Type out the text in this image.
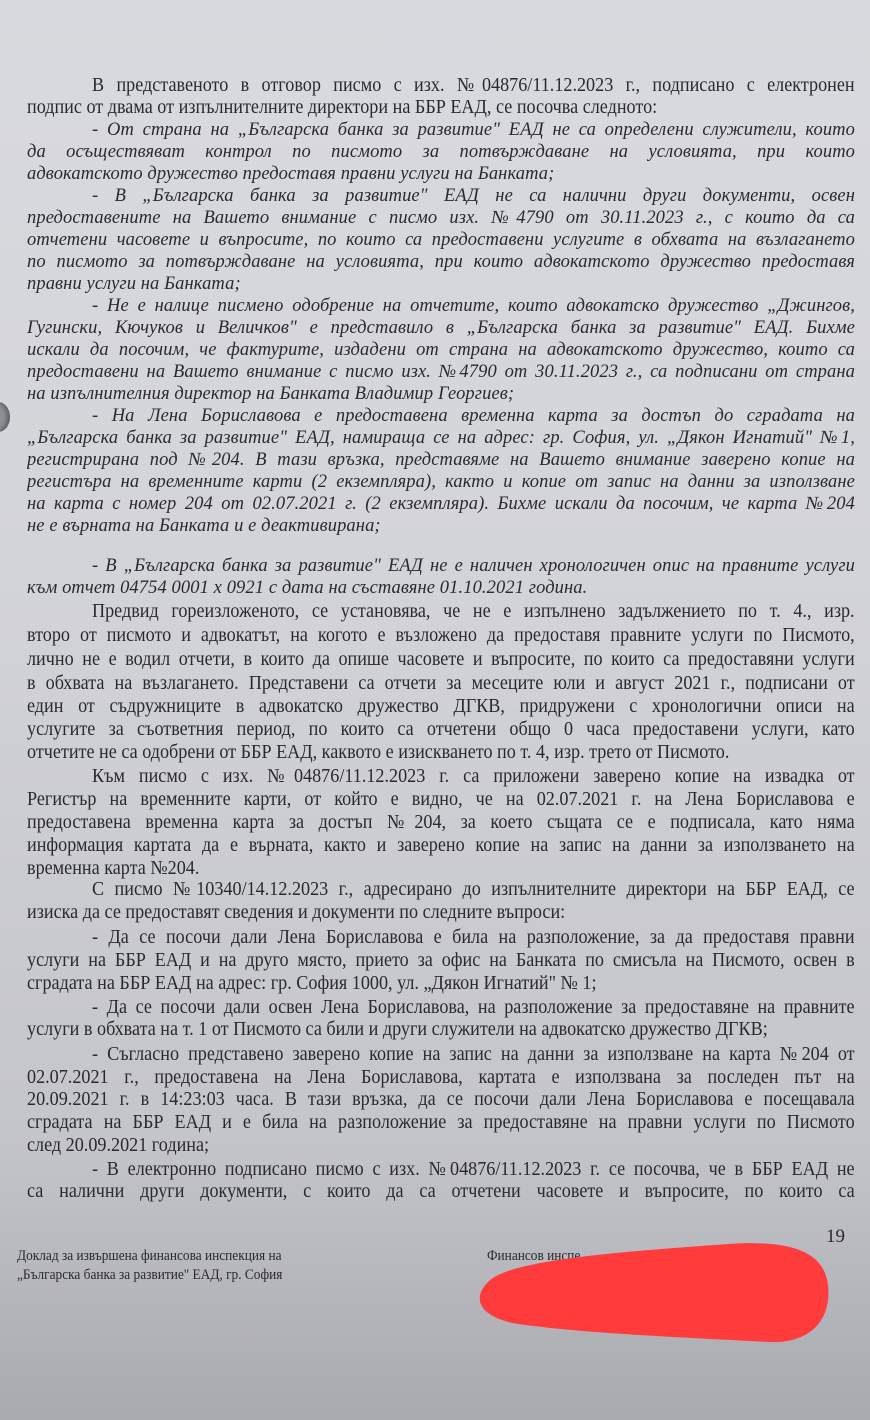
В представеното в отговор писмо с изх. №04876/11.12.2023 г., подписано с електронен
подпис от двама от изпълнителните директори на ББР ЕАД, се посочва следното:
- От страна на „Българска банка за развитие" ЕАД не са определени служители, които
да осъществяват контрол по писмото за потвърждаване на условията, при които
адвокатското дружество предоставя правни услуги на Банката;
- В „Българска банка за развитие" ЕАД не са налични други документи, освен
предоставените на Вашето внимание с писмо изх. №4790 от 30.11.2023 г., с които да са
отчетени часовете и въпросите, по които са предоставени услугите в обхвата на възлагането
по писмото за потвърждаване на условията, при които адвокатското дружество предоставя
правни услуги на Банката;
- Не е налице писмено одобрение на отчетите, които адвокатско дружество „Джингов,
Гугински, Кючуков и Величков" е представило в „Българска банка за развитие" ЕАД. Бихме
искали да посочим, че фактурите, издадени от страна на адвокатското дружество, които са
предоставени на Вашето внимание с писмо изх. №4790 от 30.11.2023 г., са подписани от страна
на изпълнителния директор на Банката Владимир Георгиев;
- На Лена Бориславова е предоставена временна карта за достъп до сградата на
„Българска банка за развитие" ЕАД, намираща се на адрес: гр. София, ул. „Дякон Игнатий" №1,
регистрирана под №204. В тази връзка, представяме на Вашето внимание заверено копие на
регистъра на временните карти (2 екземпляра), както и копие от запис на данни за използване
на карта с номер 204 от 02.07.2021 г. (2 екземпляра). Бихме искали да посочим, че карта №204
не е върната на Банката и е деактивирана;
- В „Българска банка за развитие" ЕАД не е наличен хронологичен опис на правните услуги
към отчет 04754 0001 х 0921 с дата на съставяне 01.10.2021 година.
Предвид гореизложеното, се установява, че не е изпълнено задължението по т. 4., изр.
второ от писмото и адвокатът, на когото е възложено да предоставя правните услуги по Писмото,
лично не е водил отчети, в които да опише часовете и въпросите, по които са предоставяни услуги
в обхвата на възлагането. Представени са отчети за месеците юли и август 2021 г., подписани от
един от съдружниците в адвокатско дружество ДГКВ, придружени с хронологични описи на
услугите за съответния период, по които са отчетени общо 0 часа предоставени услуги, като
отчетите не са одобрени от ББР ЕАД, каквото е изискването по т. 4, изр. трето от Писмото.
Към писмо с изх. №04876/11.12.2023 г. са приложени заверено копие на извадка от
Регистър на временните карти, от който е видно, че на 02.07.2021 г. на Лена Бориславова е
предоставена временна карта за достъп №204, за което същата се е подписала, като няма
информация картата да е върната, както и заверено копие на запис на данни за използването на
временна карта №204.
С писмо №10340/14.12.2023 г., адресирано до изпълнителните директори на ББР ЕАД, се
изиска да се предоставят сведения и документи по следните въпроси:
- Да се посочи дали Лена Бориславова е била на разположение, за да предоставя правни
услуги на ББР ЕАД и на друго място, прието за офис на Банката по смисъла на Писмото, освен в
сградата на ББР ЕАД на адрес: гр. София 1000, ул. „Дякон Игнатий" № 1;
- Да се посочи дали освен Лена Бориславова, на разположение за предоставяне на правните
услуги в обхвата на т. 1 от Писмото са били и други служители на адвокатско дружество ДГКВ;
- Съгласно представено заверено копие на запис на данни за използване на карта №204 от
02.07.2021 г., предоставена на Лена Бориславова, картата е използвана за последен път на
20.09.2021 г. в 14:23:03 часа. В тази връзка, да се посочи дали Лена Бориславова е посещавала
сградата на ББР ЕАД и е била на разположение за предоставяне на правни услуги по Писмото
след 20.09.2021 година;
- В електронно подписано писмо с изх. №04876/11.12.2023 г. се посочва, че в ББР ЕАД не
са налични други документи, с които да са отчетени часовете и въпросите, по които са
19
Доклад за извършена финансова инспекция на
„Българска банка за развитие" ЕАД, гр. София
Финансов инспе
